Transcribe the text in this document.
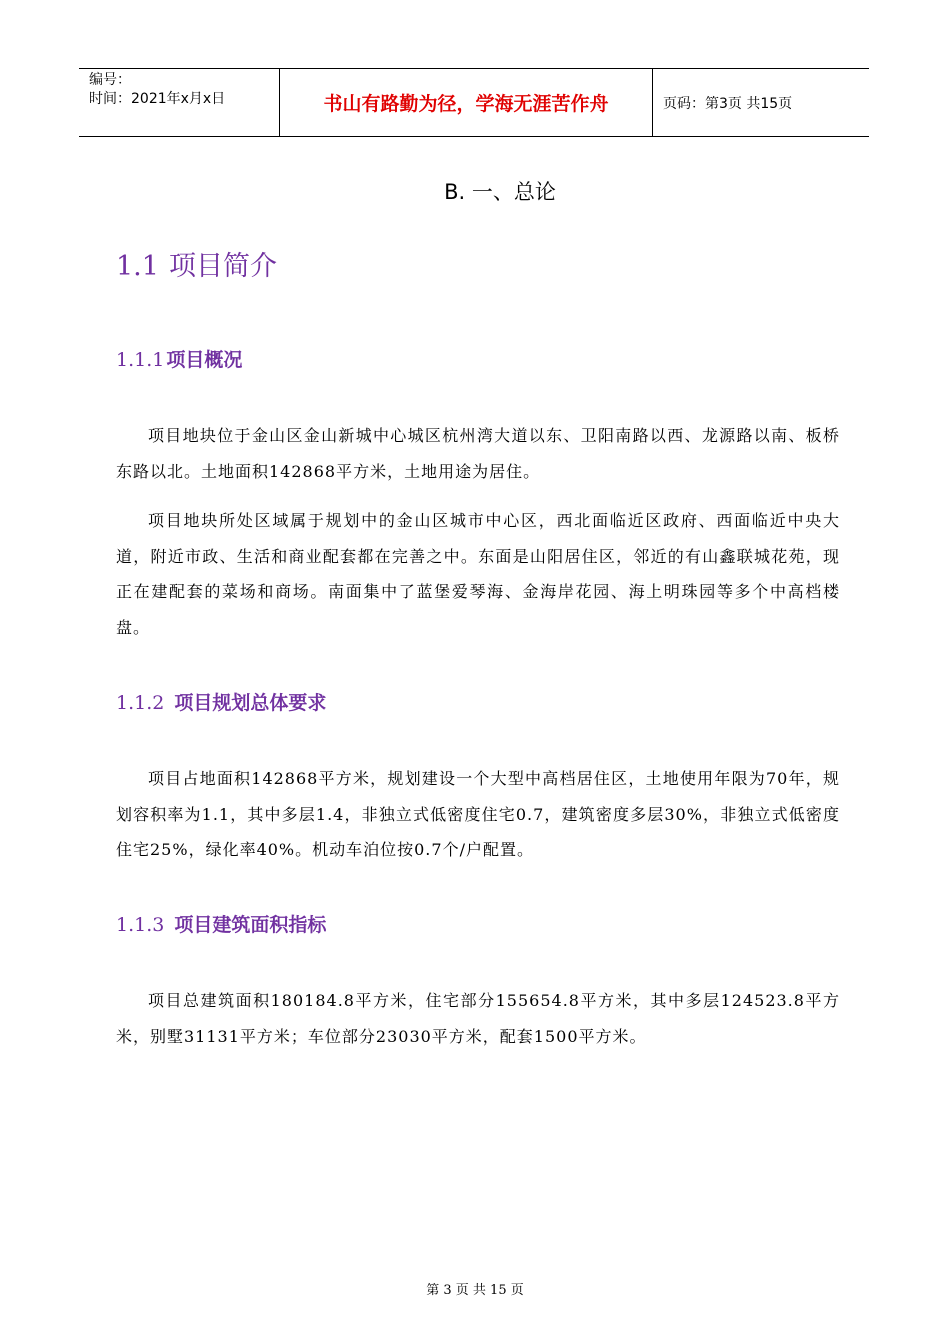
编号：
时间：2021年x月x日	书山有路勤为径，学海无涯苦作舟	页码：第3页 共15页
B. 一、总论
1.1 项目简介
1.1.1 项目概况
项目地块位于金山区金山新城中心城区杭州湾大道以东、卫阳南路以西、龙源路以南、板桥东路以北。土地面积142868平方米，土地用途为居住。
项目地块所处区域属于规划中的金山区城市中心区，西北面临近区政府、西面临近中央大道，附近市政、生活和商业配套都在完善之中。东面是山阳居住区，邻近的有山鑫联城花苑，现正在建配套的菜场和商场。南面集中了蓝堡爱琴海、金海岸花园、海上明珠园等多个中高档楼盘。
1.1.2 项目规划总体要求
项目占地面积142868平方米，规划建设一个大型中高档居住区，土地使用年限为70年，规划容积率为1.1，其中多层1.4，非独立式低密度住宅0.7，建筑密度多层30%，非独立式低密度住宅25%，绿化率40%。机动车泊位按0.7个/户配置。
1.1.3 项目建筑面积指标
项目总建筑面积180184.8平方米，住宅部分155654.8平方米，其中多层124523.8平方米，别墅31131平方米；车位部分23030平方米，配套1500平方米。
第 3 页 共 15 页
